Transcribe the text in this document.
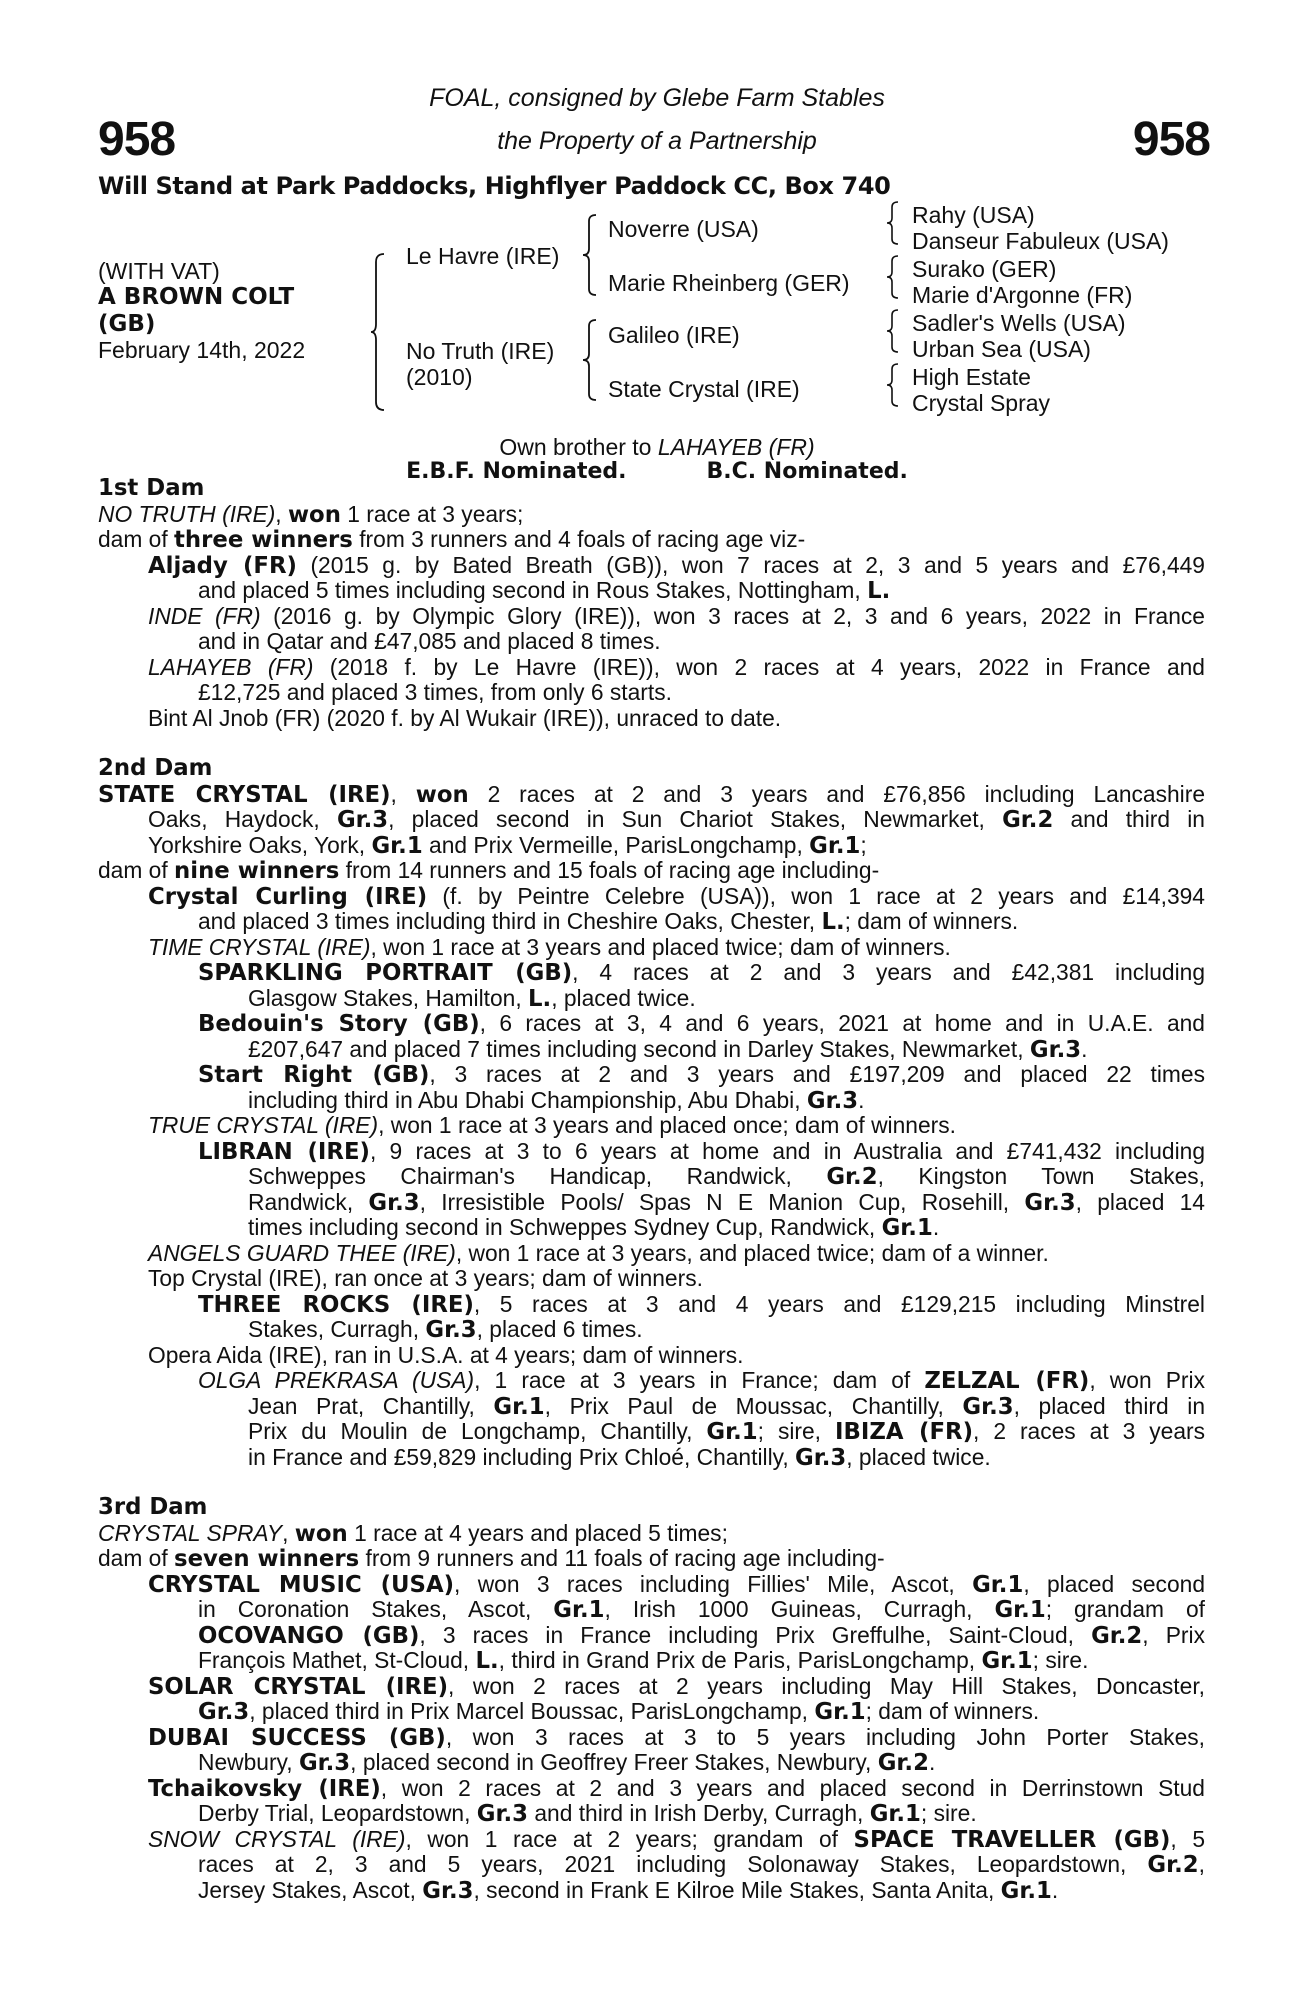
958	958
FOAL, consigned by Glebe Farm Stables
the Property of a Partnership
Will Stand at Park Paddocks, Highflyer Paddock CC, Box 740
(WITH VAT)
A BROWN COLT
(GB)
February 14th, 2022
Le Havre (IRE)
No Truth (IRE)
(2010)
Noverre (USA)
Marie Rheinberg (GER)
Galileo (IRE)
State Crystal (IRE)
Rahy (USA)
Danseur Fabuleux (USA)
Surako (GER)
Marie d'Argonne (FR)
Sadler's Wells (USA)
Urban Sea (USA)
High Estate
Crystal Spray
Own brother to LAHAYEB (FR)
E.B.F. Nominated.	B.C. Nominated.
1st Dam
NO TRUTH (IRE), won 1 race at 3 years;
dam of three winners from 3 runners and 4 foals of racing age viz-
Aljady (FR) (2015 g. by Bated Breath (GB)), won 7 races at 2, 3 and 5 years and £76,449
and placed 5 times including second in Rous Stakes, Nottingham, L.
INDE (FR) (2016 g. by Olympic Glory (IRE)), won 3 races at 2, 3 and 6 years, 2022 in France
and in Qatar and £47,085 and placed 8 times.
LAHAYEB (FR) (2018 f. by Le Havre (IRE)), won 2 races at 4 years, 2022 in France and
£12,725 and placed 3 times, from only 6 starts.
Bint Al Jnob (FR) (2020 f. by Al Wukair (IRE)), unraced to date.
2nd Dam
STATE CRYSTAL (IRE), won 2 races at 2 and 3 years and £76,856 including Lancashire
Oaks, Haydock, Gr.3, placed second in Sun Chariot Stakes, Newmarket, Gr.2 and third in
Yorkshire Oaks, York, Gr.1 and Prix Vermeille, ParisLongchamp, Gr.1;
dam of nine winners from 14 runners and 15 foals of racing age including-
Crystal Curling (IRE) (f. by Peintre Celebre (USA)), won 1 race at 2 years and £14,394
and placed 3 times including third in Cheshire Oaks, Chester, L.; dam of winners.
TIME CRYSTAL (IRE), won 1 race at 3 years and placed twice; dam of winners.
SPARKLING PORTRAIT (GB), 4 races at 2 and 3 years and £42,381 including
Glasgow Stakes, Hamilton, L., placed twice.
Bedouin's Story (GB), 6 races at 3, 4 and 6 years, 2021 at home and in U.A.E. and
£207,647 and placed 7 times including second in Darley Stakes, Newmarket, Gr.3.
Start Right (GB), 3 races at 2 and 3 years and £197,209 and placed 22 times
including third in Abu Dhabi Championship, Abu Dhabi, Gr.3.
TRUE CRYSTAL (IRE), won 1 race at 3 years and placed once; dam of winners.
LIBRAN (IRE), 9 races at 3 to 6 years at home and in Australia and £741,432 including
Schweppes Chairman's Handicap, Randwick, Gr.2, Kingston Town Stakes,
Randwick, Gr.3, Irresistible Pools/ Spas N E Manion Cup, Rosehill, Gr.3, placed 14
times including second in Schweppes Sydney Cup, Randwick, Gr.1.
ANGELS GUARD THEE (IRE), won 1 race at 3 years, and placed twice; dam of a winner.
Top Crystal (IRE), ran once at 3 years; dam of winners.
THREE ROCKS (IRE), 5 races at 3 and 4 years and £129,215 including Minstrel
Stakes, Curragh, Gr.3, placed 6 times.
Opera Aida (IRE), ran in U.S.A. at 4 years; dam of winners.
OLGA PREKRASA (USA), 1 race at 3 years in France; dam of ZELZAL (FR), won Prix
Jean Prat, Chantilly, Gr.1, Prix Paul de Moussac, Chantilly, Gr.3, placed third in
Prix du Moulin de Longchamp, Chantilly, Gr.1; sire, IBIZA (FR), 2 races at 3 years
in France and £59,829 including Prix Chloé, Chantilly, Gr.3, placed twice.
3rd Dam
CRYSTAL SPRAY, won 1 race at 4 years and placed 5 times;
dam of seven winners from 9 runners and 11 foals of racing age including-
CRYSTAL MUSIC (USA), won 3 races including Fillies' Mile, Ascot, Gr.1, placed second
in Coronation Stakes, Ascot, Gr.1, Irish 1000 Guineas, Curragh, Gr.1; grandam of
OCOVANGO (GB), 3 races in France including Prix Greffulhe, Saint-Cloud, Gr.2, Prix
François Mathet, St-Cloud, L., third in Grand Prix de Paris, ParisLongchamp, Gr.1; sire.
SOLAR CRYSTAL (IRE), won 2 races at 2 years including May Hill Stakes, Doncaster,
Gr.3, placed third in Prix Marcel Boussac, ParisLongchamp, Gr.1; dam of winners.
DUBAI SUCCESS (GB), won 3 races at 3 to 5 years including John Porter Stakes,
Newbury, Gr.3, placed second in Geoffrey Freer Stakes, Newbury, Gr.2.
Tchaikovsky (IRE), won 2 races at 2 and 3 years and placed second in Derrinstown Stud
Derby Trial, Leopardstown, Gr.3 and third in Irish Derby, Curragh, Gr.1; sire.
SNOW CRYSTAL (IRE), won 1 race at 2 years; grandam of SPACE TRAVELLER (GB), 5
races at 2, 3 and 5 years, 2021 including Solonaway Stakes, Leopardstown, Gr.2,
Jersey Stakes, Ascot, Gr.3, second in Frank E Kilroe Mile Stakes, Santa Anita, Gr.1.
